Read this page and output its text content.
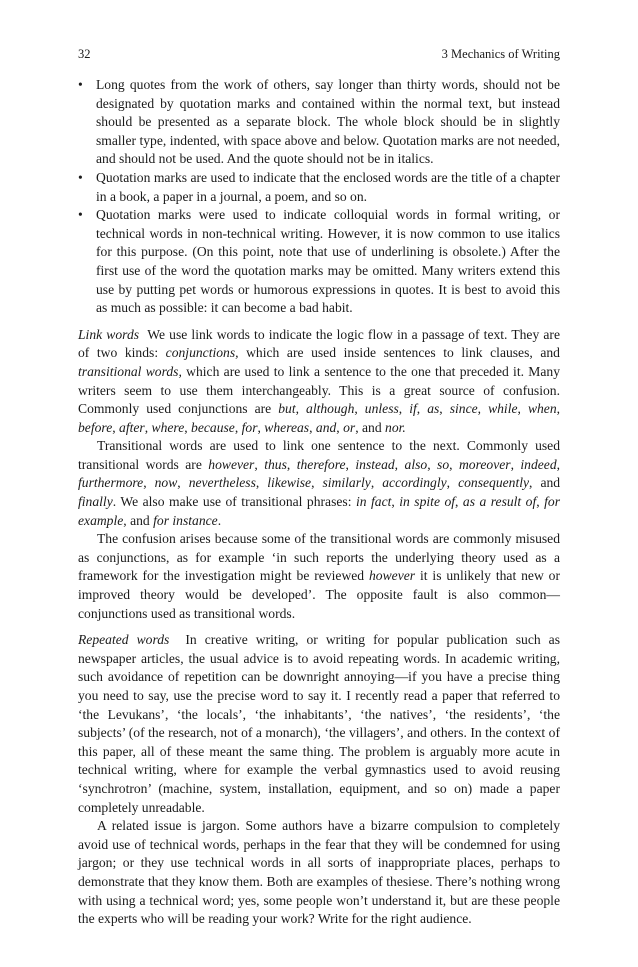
32	3 Mechanics of Writing
• Long quotes from the work of others, say longer than thirty words, should not be designated by quotation marks and contained within the normal text, but instead should be presented as a separate block. The whole block should be in slightly smaller type, indented, with space above and below. Quotation marks are not needed, and should not be used. And the quote should not be in italics.
• Quotation marks are used to indicate that the enclosed words are the title of a chapter in a book, a paper in a journal, a poem, and so on.
• Quotation marks were used to indicate colloquial words in formal writing, or technical words in non-technical writing. However, it is now common to use italics for this purpose. (On this point, note that use of underlining is obsolete.) After the first use of the word the quotation marks may be omitted. Many writers extend this use by putting pet words or humorous expressions in quotes. It is best to avoid this as much as possible: it can become a bad habit.

Link words We use link words to indicate the logic flow in a passage of text. They are of two kinds: conjunctions, which are used inside sentences to link clauses, and transitional words, which are used to link a sentence to the one that preceded it. Many writers seem to use them interchangeably. This is a great source of confusion. Commonly used conjunctions are but, although, unless, if, as, since, while, when, before, after, where, because, for, whereas, and, or, and nor.

Transitional words are used to link one sentence to the next. Commonly used transitional words are however, thus, therefore, instead, also, so, moreover, indeed, furthermore, now, nevertheless, likewise, similarly, accordingly, consequently, and finally. We also make use of transitional phrases: in fact, in spite of, as a result of, for example, and for instance.

The confusion arises because some of the transitional words are commonly misused as conjunctions, as for example ‘in such reports the underlying theory used as a framework for the investigation might be reviewed however it is unlikely that new or improved theory would be developed’. The opposite fault is also common—conjunctions used as transitional words.

Repeated words In creative writing, or writing for popular publication such as newspaper articles, the usual advice is to avoid repeating words. In academic writing, such avoidance of repetition can be downright annoying—if you have a precise thing you need to say, use the precise word to say it. I recently read a paper that referred to ‘the Levukans’, ‘the locals’, ‘the inhabitants’, ‘the natives’, ‘the residents’, ‘the subjects’ (of the research, not of a monarch), ‘the villagers’, and others. In the context of this paper, all of these meant the same thing. The problem is arguably more acute in technical writing, where for example the verbal gymnastics used to avoid reusing ‘synchrotron’ (machine, system, installation, equipment, and so on) made a paper completely unreadable.

A related issue is jargon. Some authors have a bizarre compulsion to completely avoid use of technical words, perhaps in the fear that they will be condemned for using jargon; or they use technical words in all sorts of inappropriate places, perhaps to demonstrate that they know them. Both are examples of thesiese. There’s nothing wrong with using a technical word; yes, some people won’t understand it, but are these people the experts who will be reading your work? Write for the right audience.
